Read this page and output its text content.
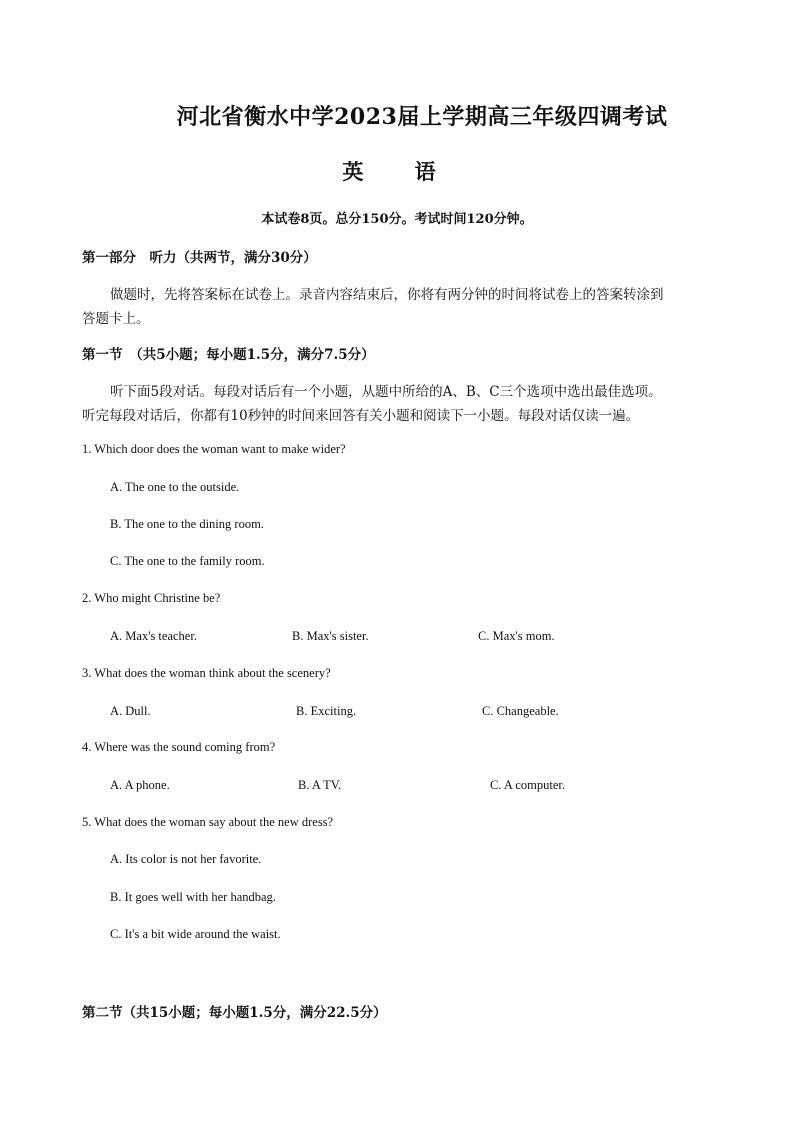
河北省衡水中学2023届上学期高三年级四调考试
英 语
本试卷8页。总分150分。考试时间120分钟。
第一部分　听力（共两节，满分30分）
做题时，先将答案标在试卷上。录音内容结束后，你将有两分钟的时间将试卷上的答案转涂到
答题卡上。
第一节　（共5小题；每小题1.5分，满分7.5分）
听下面5段对话。每段对话后有一个小题，从题中所给的A、B、C三个选项中选出最佳选项。
听完每段对话后，你都有10秒钟的时间来回答有关小题和阅读下一小题。每段对话仅读一遍。
1. Which door does the woman want to make wider?
A. The one to the outside.
B. The one to the dining room.
C. The one to the family room.
2. Who might Christine be?
A. Max's teacher.	B. Max's sister.	C. Max's mom.
3. What does the woman think about the scenery?
A. Dull.	B. Exciting.	C. Changeable.
4. Where was the sound coming from?
A. A phone.	B. A TV.	C. A computer.
5. What does the woman say about the new dress?
A. Its color is not her favorite.
B. It goes well with her handbag.
C. It's a bit wide around the waist.
第二节（共15小题；每小题1.5分，满分22.5分）
